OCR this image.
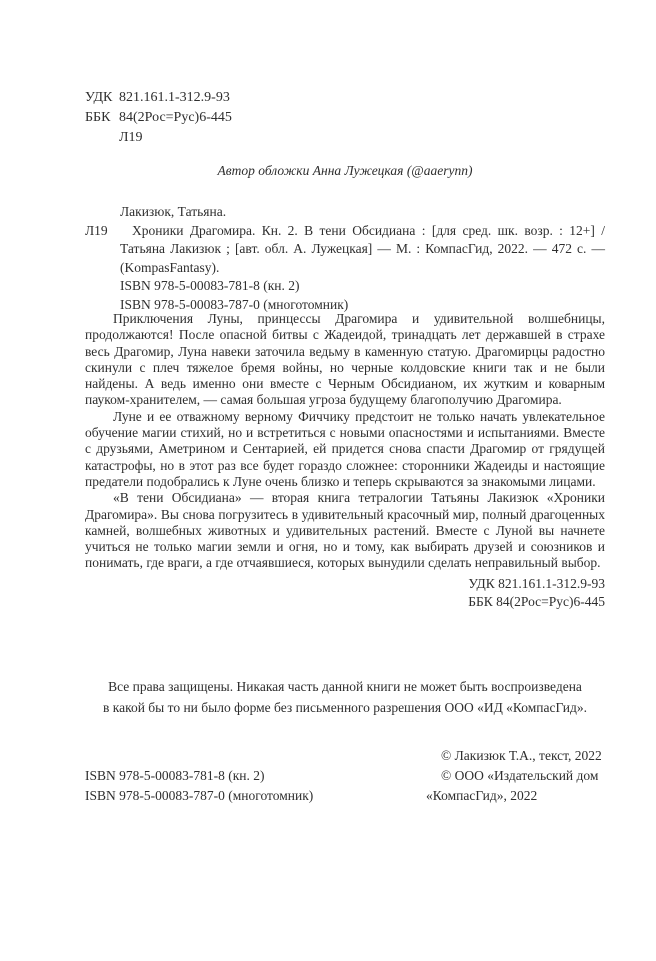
УДК 821.161.1-312.9-93
ББК 84(2Рос=Рус)6-445
Л19
Автор обложки Анна Лужецкая (@aaerynn)
Лакизюк, Татьяна.
Л19 Хроники Драгомира. Кн. 2. В тени Обсидиана : [для сред. шк. возр. : 12+] / Татьяна Лакизюк ; [авт. обл. А. Лужецкая] — М. : КомпасГид, 2022. — 472 с. — (KompasFantasy).
ISBN 978-5-00083-781-8 (кн. 2)
ISBN 978-5-00083-787-0 (многотомник)

Приключения Луны, принцессы Драгомира и удивительной волшебницы, продолжаются! После опасной битвы с Жадеидой, тринадцать лет державшей в страхе весь Драгомир, Луна навеки заточила ведьму в каменную статую. Драгомирцы радостно скинули с плеч тяжелое бремя войны, но черные колдовские книги так и не были найдены. А ведь именно они вместе с Черным Обсидианом, их жутким и коварным пауком-хранителем, — самая большая угроза будущему благополучию Драгомира.

Луне и ее отважному верному Фиччику предстоит не только начать увлекательное обучение магии стихий, но и встретиться с новыми опасностями и испытаниями. Вместе с друзьями, Аметрином и Сентарией, ей придется снова спасти Драгомир от грядущей катастрофы, но в этот раз все будет гораздо сложнее: сторонники Жадеиды и настоящие предатели подобрались к Луне очень близко и теперь скрываются за знакомыми лицами.

«В тени Обсидиана» — вторая книга тетралогии Татьяны Лакизюк «Хроники Драгомира». Вы снова погрузитесь в удивительный красочный мир, полный драгоценных камней, волшебных животных и удивительных растений. Вместе с Луной вы начнете учиться не только магии земли и огня, но и тому, как выбирать друзей и союзников и понимать, где враги, а где отчаявшиеся, которых вынудили сделать неправильный выбор.

УДК 821.161.1-312.9-93
ББК 84(2Рос=Рус)6-445
Все права защищены. Никакая часть данной книги не может быть воспроизведена
в какой бы то ни было форме без письменного разрешения ООО «ИД «КомпасГид».
ISBN 978-5-00083-781-8 (кн. 2)
ISBN 978-5-00083-787-0 (многотомник)
© Лакизюк Т.А., текст, 2022
© ООО «Издательский дом
«КомпасГид», 2022
